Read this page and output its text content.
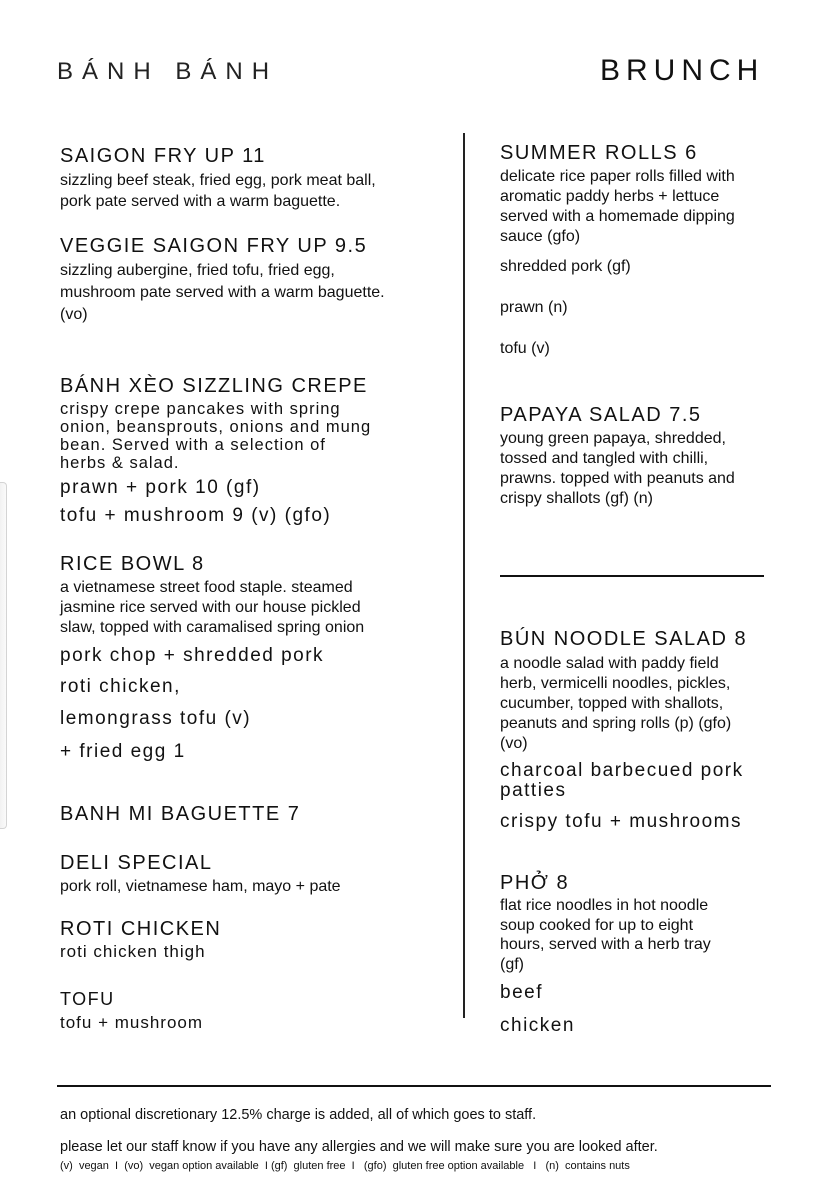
BÁNH BÁNH	BRUNCH
SAIGON FRY UP 11
sizzling beef steak, fried egg, pork meat ball,
pork pate served with a warm baguette.
VEGGIE SAIGON FRY UP 9.5
sizzling aubergine, fried tofu, fried egg,
mushroom pate served with a warm baguette.
(vo)
BÁNH XÈO SIZZLING CREPE
crispy crepe pancakes with spring
onion, beansprouts, onions and mung
bean. Served with a selection of
herbs & salad.
prawn + pork 10 (gf)
tofu + mushroom 9 (v) (gfo)
RICE BOWL 8
a vietnamese street food staple. steamed
jasmine rice served with our house pickled
slaw, topped with caramalised spring onion
pork chop + shredded pork
roti chicken,
lemongrass tofu (v)
+ fried egg 1
BANH MI BAGUETTE 7
DELI SPECIAL
pork roll, vietnamese ham, mayo + pate
ROTI CHICKEN
roti chicken thigh
TOFU
tofu + mushroom
SUMMER ROLLS 6
delicate rice paper rolls filled with
aromatic paddy herbs + lettuce
served with a homemade dipping
sauce (gfo)
shredded pork (gf)
prawn (n)
tofu (v)
PAPAYA SALAD 7.5
young green papaya, shredded,
tossed and tangled with chilli,
prawns. topped with peanuts and
crispy shallots (gf) (n)
BÚN NOODLE SALAD 8
a noodle salad with paddy field
herb, vermicelli noodles, pickles,
cucumber, topped with shallots,
peanuts and spring rolls (p) (gfo)
(vo)
charcoal barbecued pork
patties
crispy tofu + mushrooms
PHỞ 8
flat rice noodles in hot noodle
soup cooked for up to eight
hours, served with a herb tray
(gf)
beef
chicken
an optional discretionary 12.5% charge is added, all of which goes to staff.
please let our staff know if you have any allergies and we will make sure you are looked after.
(v)  vegan  I  (vo)  vegan option available  I (gf)  gluten free  I   (gfo)  gluten free option available   I   (n)  contains nuts
